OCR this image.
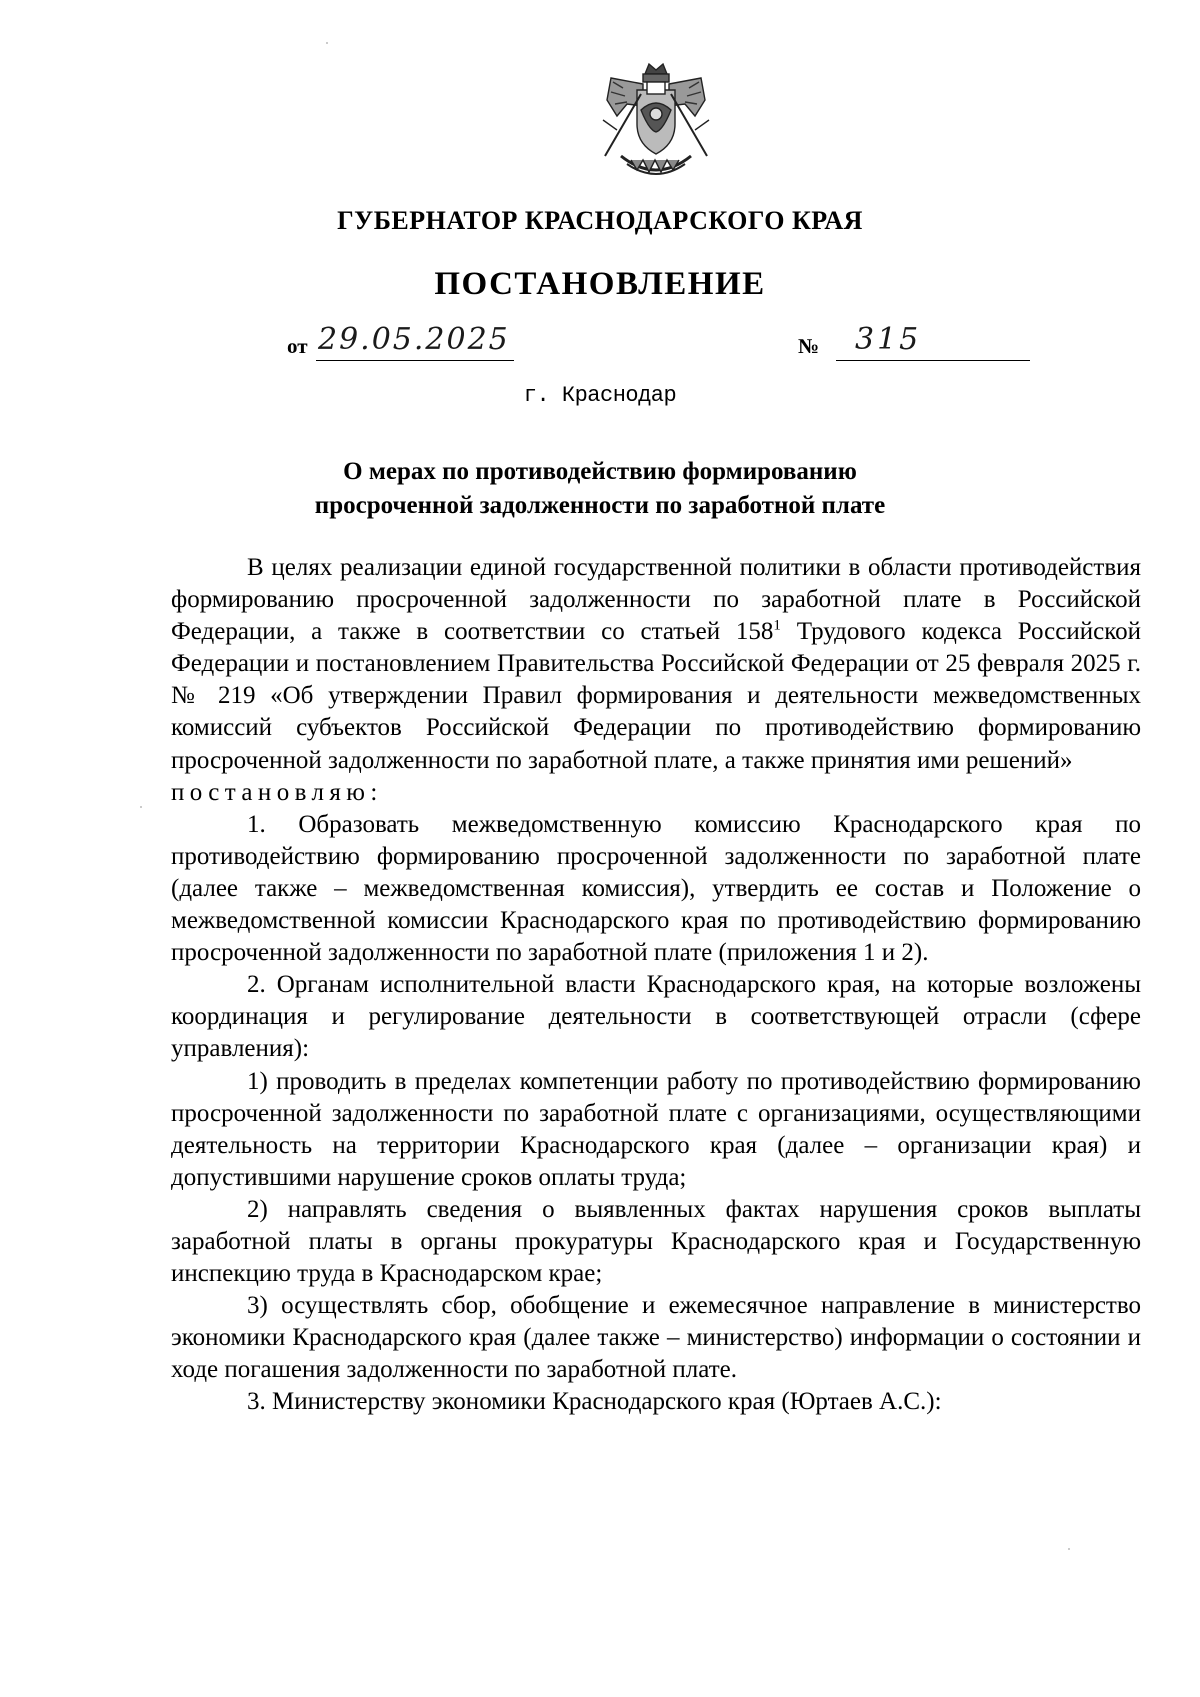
ГУБЕРНАТОР КРАСНОДАРСКОГО КРАЯ
ПОСТАНОВЛЕНИЕ
от 29.05.2025	№ 315
г. Краснодар
О мерах по противодействию формированию
просроченной задолженности по заработной плате

В целях реализации единой государственной политики в области противодействия формированию просроченной задолженности по заработной плате в Российской Федерации, а также в соответствии со статьей $158^1$ Трудового кодекса Российской Федерации и постановлением Правительства Российской Федерации от 25 февраля 2025 г. № 219 «Об утверждении Правил формирования и деятельности межведомственных комиссий субъектов Российской Федерации по противодействию формированию просроченной задолженности по заработной плате, а также принятия ими решений»

постановляю:

1. Образовать межведомственную комиссию Краснодарского края по противодействию формированию просроченной задолженности по заработной плате (далее также – межведомственная комиссия), утвердить ее состав и Положение о межведомственной комиссии Краснодарского края по противодействию формированию просроченной задолженности по заработной плате (приложения 1 и 2).

2. Органам исполнительной власти Краснодарского края, на которые возложены координация и регулирование деятельности в соответствующей отрасли (сфере управления):

1) проводить в пределах компетенции работу по противодействию формированию просроченной задолженности по заработной плате с организациями, осуществляющими деятельность на территории Краснодарского края (далее – организации края) и допустившими нарушение сроков оплаты труда;

2) направлять сведения о выявленных фактах нарушения сроков выплаты заработной платы в органы прокуратуры Краснодарского края и Государственную инспекцию труда в Краснодарском крае;

3) осуществлять сбор, обобщение и ежемесячное направление в министерство экономики Краснодарского края (далее также – министерство) информации о состоянии и ходе погашения задолженности по заработной плате.

3. Министерству экономики Краснодарского края (Юртаев А.С.):
